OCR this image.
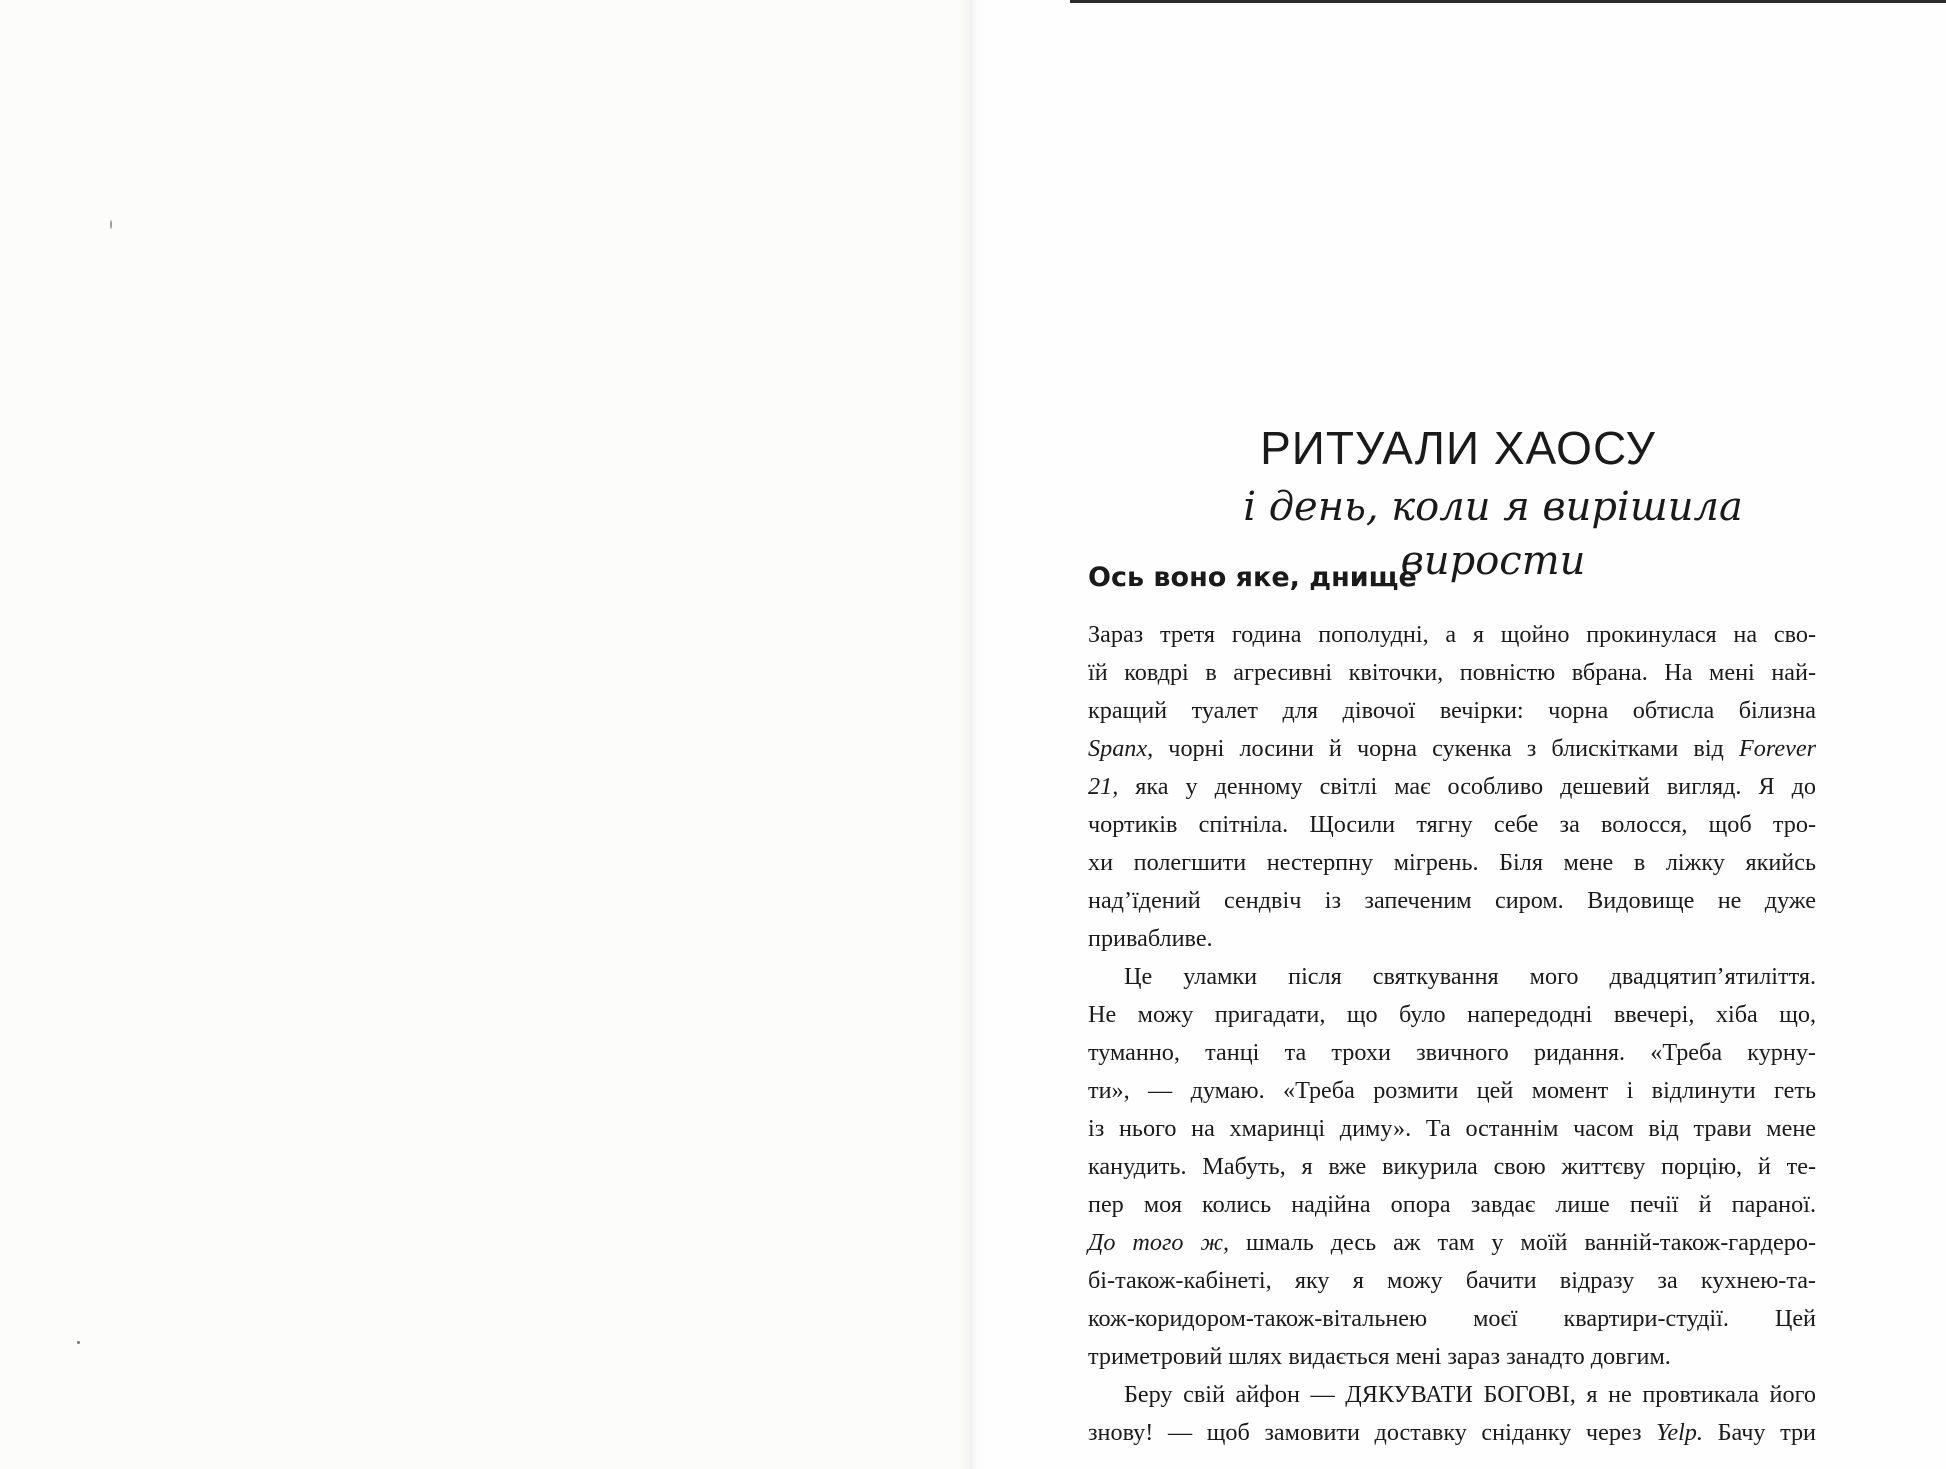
РИТУАЛИ ХАОСУ
і день, коли я вирішила вирости
Ось воно яке, днище

Зараз третя година пополудні, а я щойно прокинулася на сво-
їй ковдрі в агресивні квіточки, повністю вбрана. На мені най-
кращий туалет для дівочої вечірки: чорна обтисла білизна
Spanx, чорні лосини й чорна сукенка з блискітками від Forever
21, яка у денному світлі має особливо дешевий вигляд. Я до
чортиків спітніла. Щосили тягну себе за волосся, щоб тро-
хи полегшити нестерпну мігрень. Біля мене в ліжку якийсь
над’їдений сендвіч із запеченим сиром. Видовище не дуже
привабливе.

Це уламки після святкування мого двадцятип’ятиліття.
Не можу пригадати, що було напередодні ввечері, хіба що,
туманно, танці та трохи звичного ридання. «Треба курну-
ти», — думаю. «Треба розмити цей момент і відлинути геть
із нього на хмаринці диму». Та останнім часом від трави мене
канудить. Мабуть, я вже викурила свою життєву порцію, й те-
пер моя колись надійна опора завдає лише печії й параної.
До того ж, шмаль десь аж там у моїй ванній-також-гардеро-
бі-також-кабінеті, яку я можу бачити відразу за кухнею-та-
кож-коридором-також-вітальнею моєї квартири-студії. Цей
триметровий шлях видається мені зараз занадто довгим.

Беру свій айфон — ДЯКУВАТИ БОГОВІ, я не провтикала його
знову! — щоб замовити доставку сніданку через Yelp. Бачу три
